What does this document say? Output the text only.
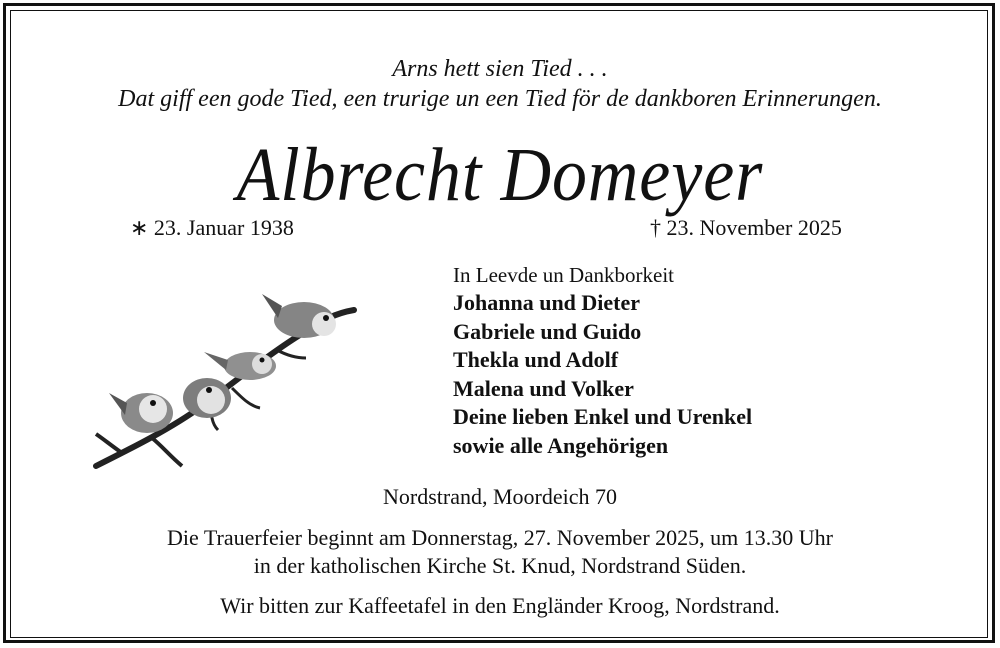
Arns hett sien Tied . . .
Dat giff een gode Tied, een trurige un een Tied för de dankboren Erinnerungen.
Albrecht Domeyer
∗ 23. Januar 1938	† 23. November 2025
In Leevde un Dankborkeit
Johanna und Dieter
Gabriele und Guido
Thekla und Adolf
Malena und Volker
Deine lieben Enkel und Urenkel
sowie alle Angehörigen
Nordstrand, Moordeich 70
Die Trauerfeier beginnt am Donnerstag, 27. November 2025, um 13.30 Uhr
in der katholischen Kirche St. Knud, Nordstrand Süden.
Wir bitten zur Kaffeetafel in den Engländer Kroog, Nordstrand.
